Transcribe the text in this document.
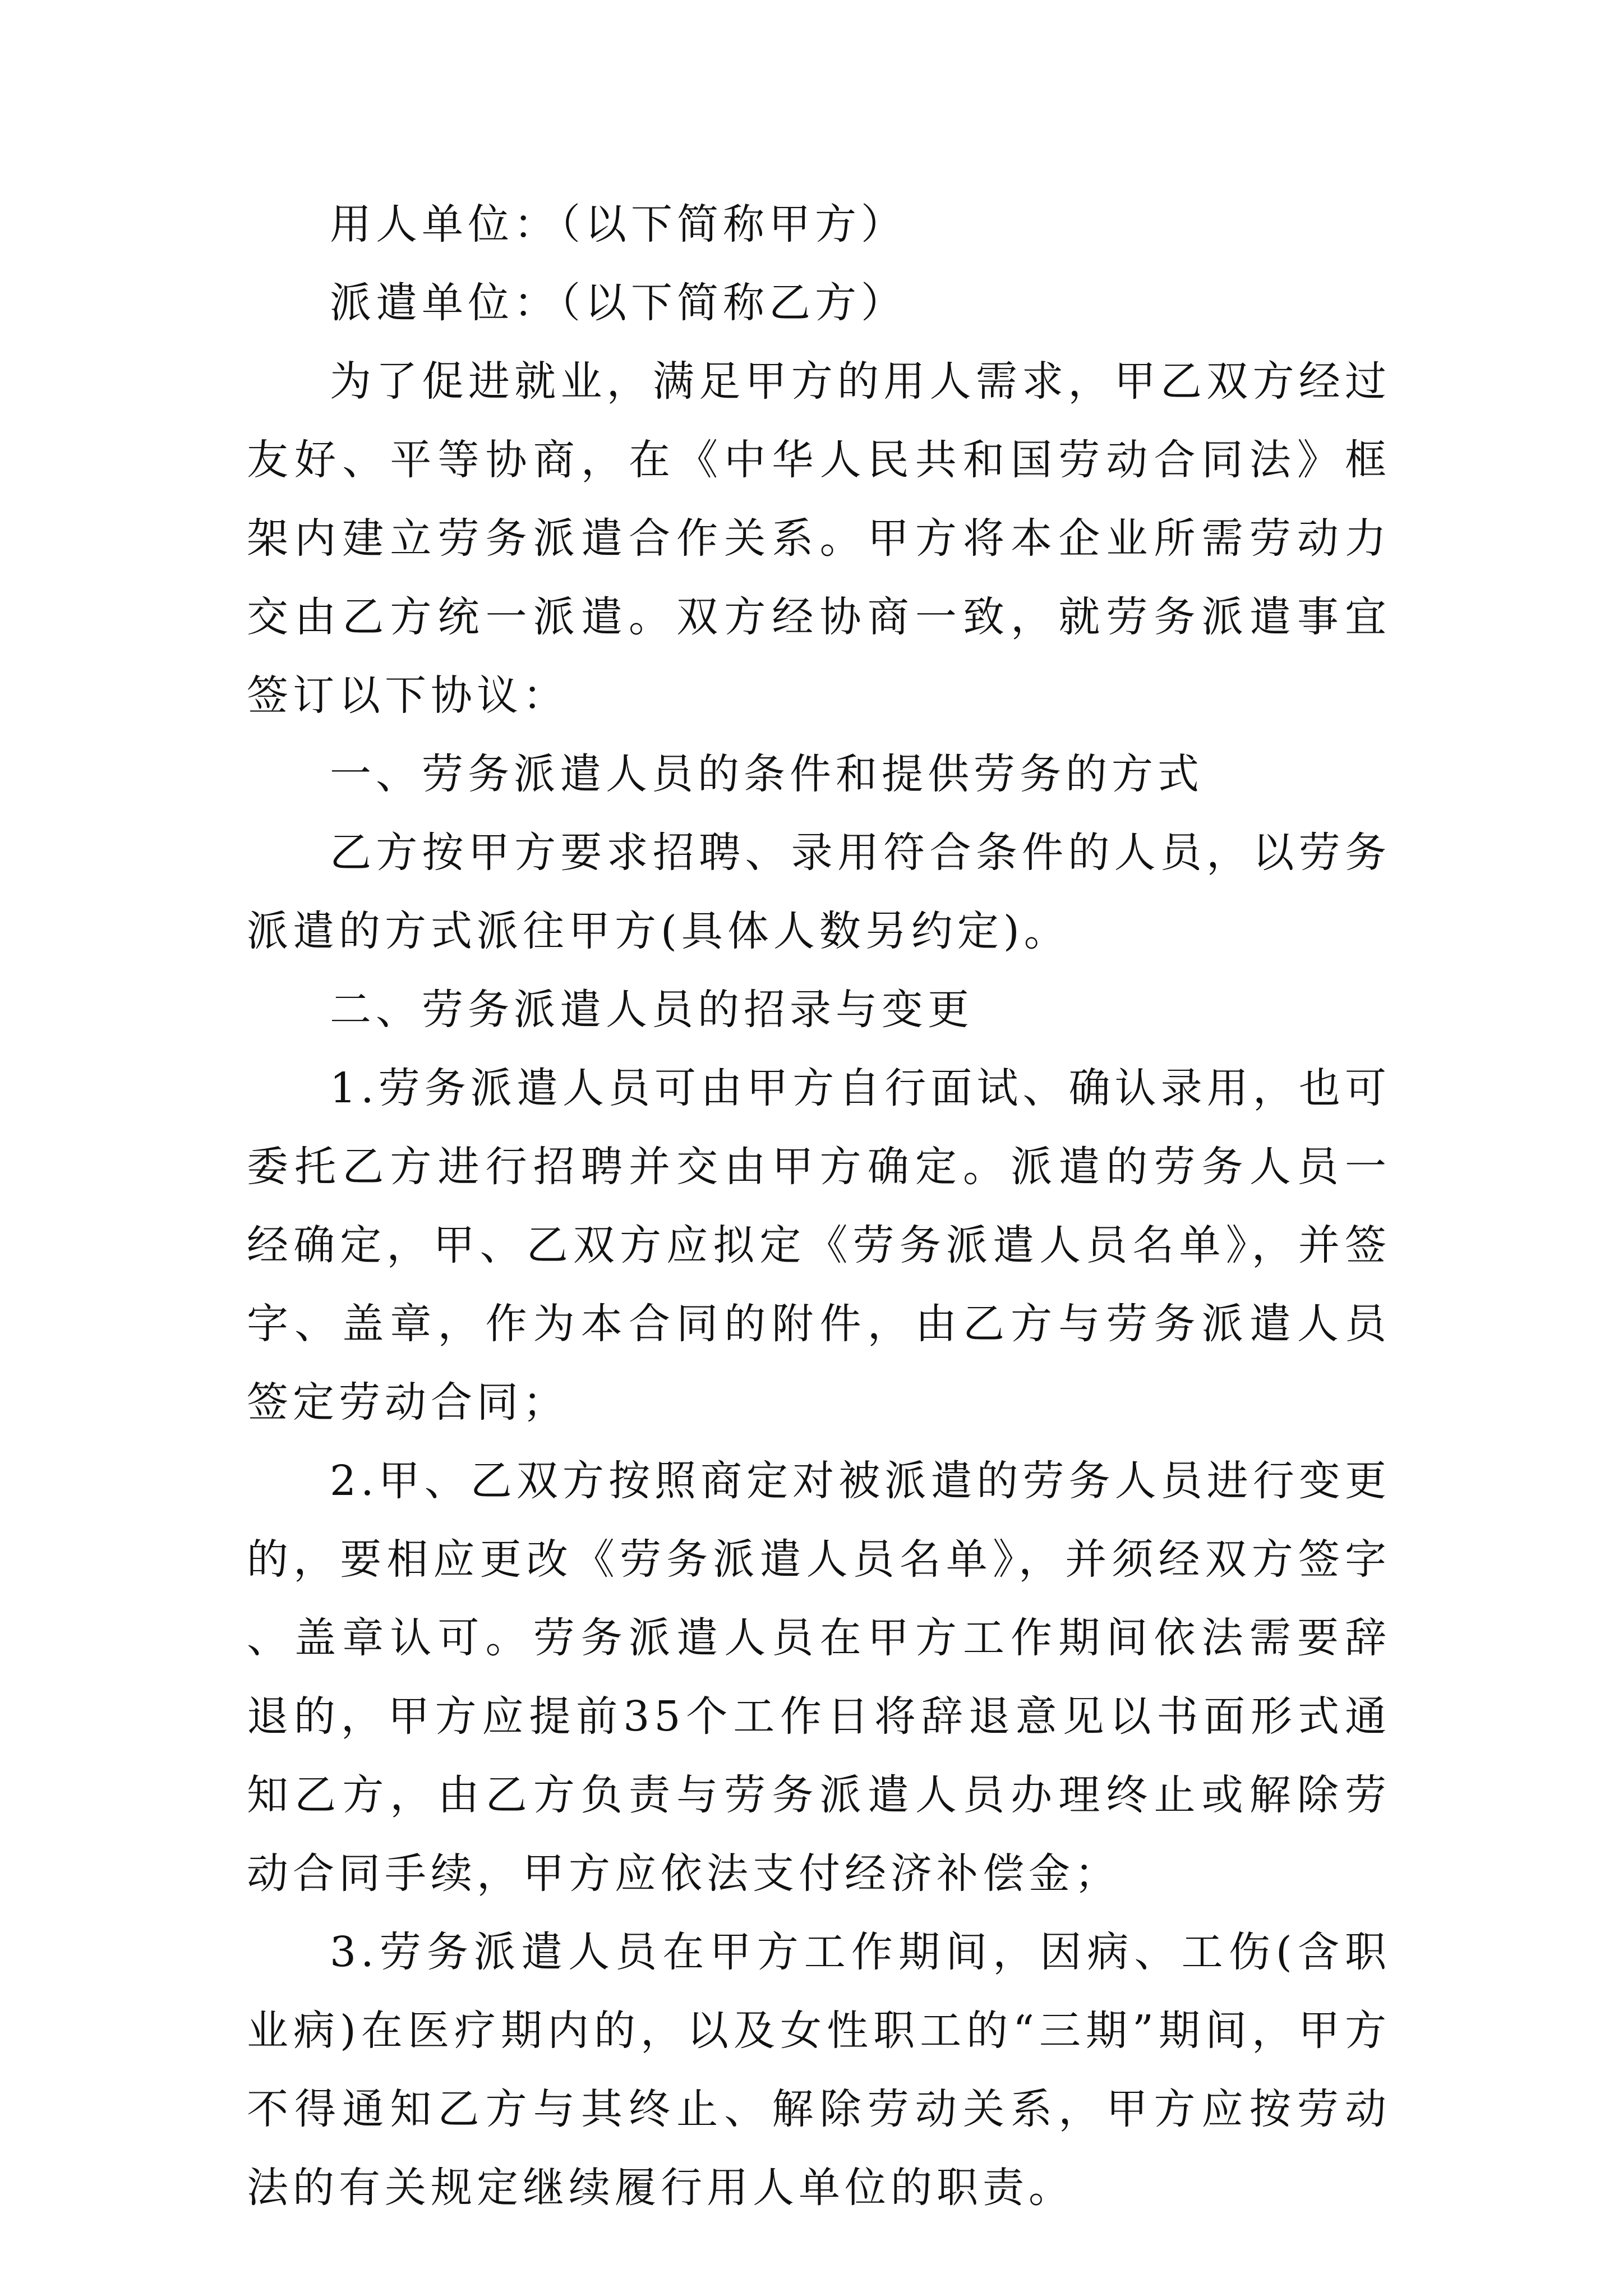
用人单位：（以下简称甲方）

派遣单位：（以下简称乙方）

为了促进就业，满足甲方的用人需求，甲乙双方经过友好、平等协商，在《中华人民共和国劳动合同法》框架内建立劳务派遣合作关系。甲方将本企业所需劳动力交由乙方统一派遣。双方经协商一致，就劳务派遣事宜签订以下协议：

一、劳务派遣人员的条件和提供劳务的方式

乙方按甲方要求招聘、录用符合条件的人员，以劳务派遣的方式派往甲方(具体人数另约定)。

二、劳务派遣人员的招录与变更

1.劳务派遣人员可由甲方自行面试、确认录用，也可委托乙方进行招聘并交由甲方确定。派遣的劳务人员一经确定，甲、乙双方应拟定《劳务派遣人员名单》，并签字、盖章，作为本合同的附件，由乙方与劳务派遣人员签定劳动合同；

2.甲、乙双方按照商定对被派遣的劳务人员进行变更的，要相应更改《劳务派遣人员名单》，并须经双方签字、盖章认可。劳务派遣人员在甲方工作期间依法需要辞退的，甲方应提前35个工作日将辞退意见以书面形式通知乙方，由乙方负责与劳务派遣人员办理终止或解除劳动合同手续，甲方应依法支付经济补偿金；

3.劳务派遣人员在甲方工作期间，因病、工伤(含职业病)在医疗期内的，以及女性职工的“三期”期间，甲方不得通知乙方与其终止、解除劳动关系，甲方应按劳动法的有关规定继续履行用人单位的职责。
